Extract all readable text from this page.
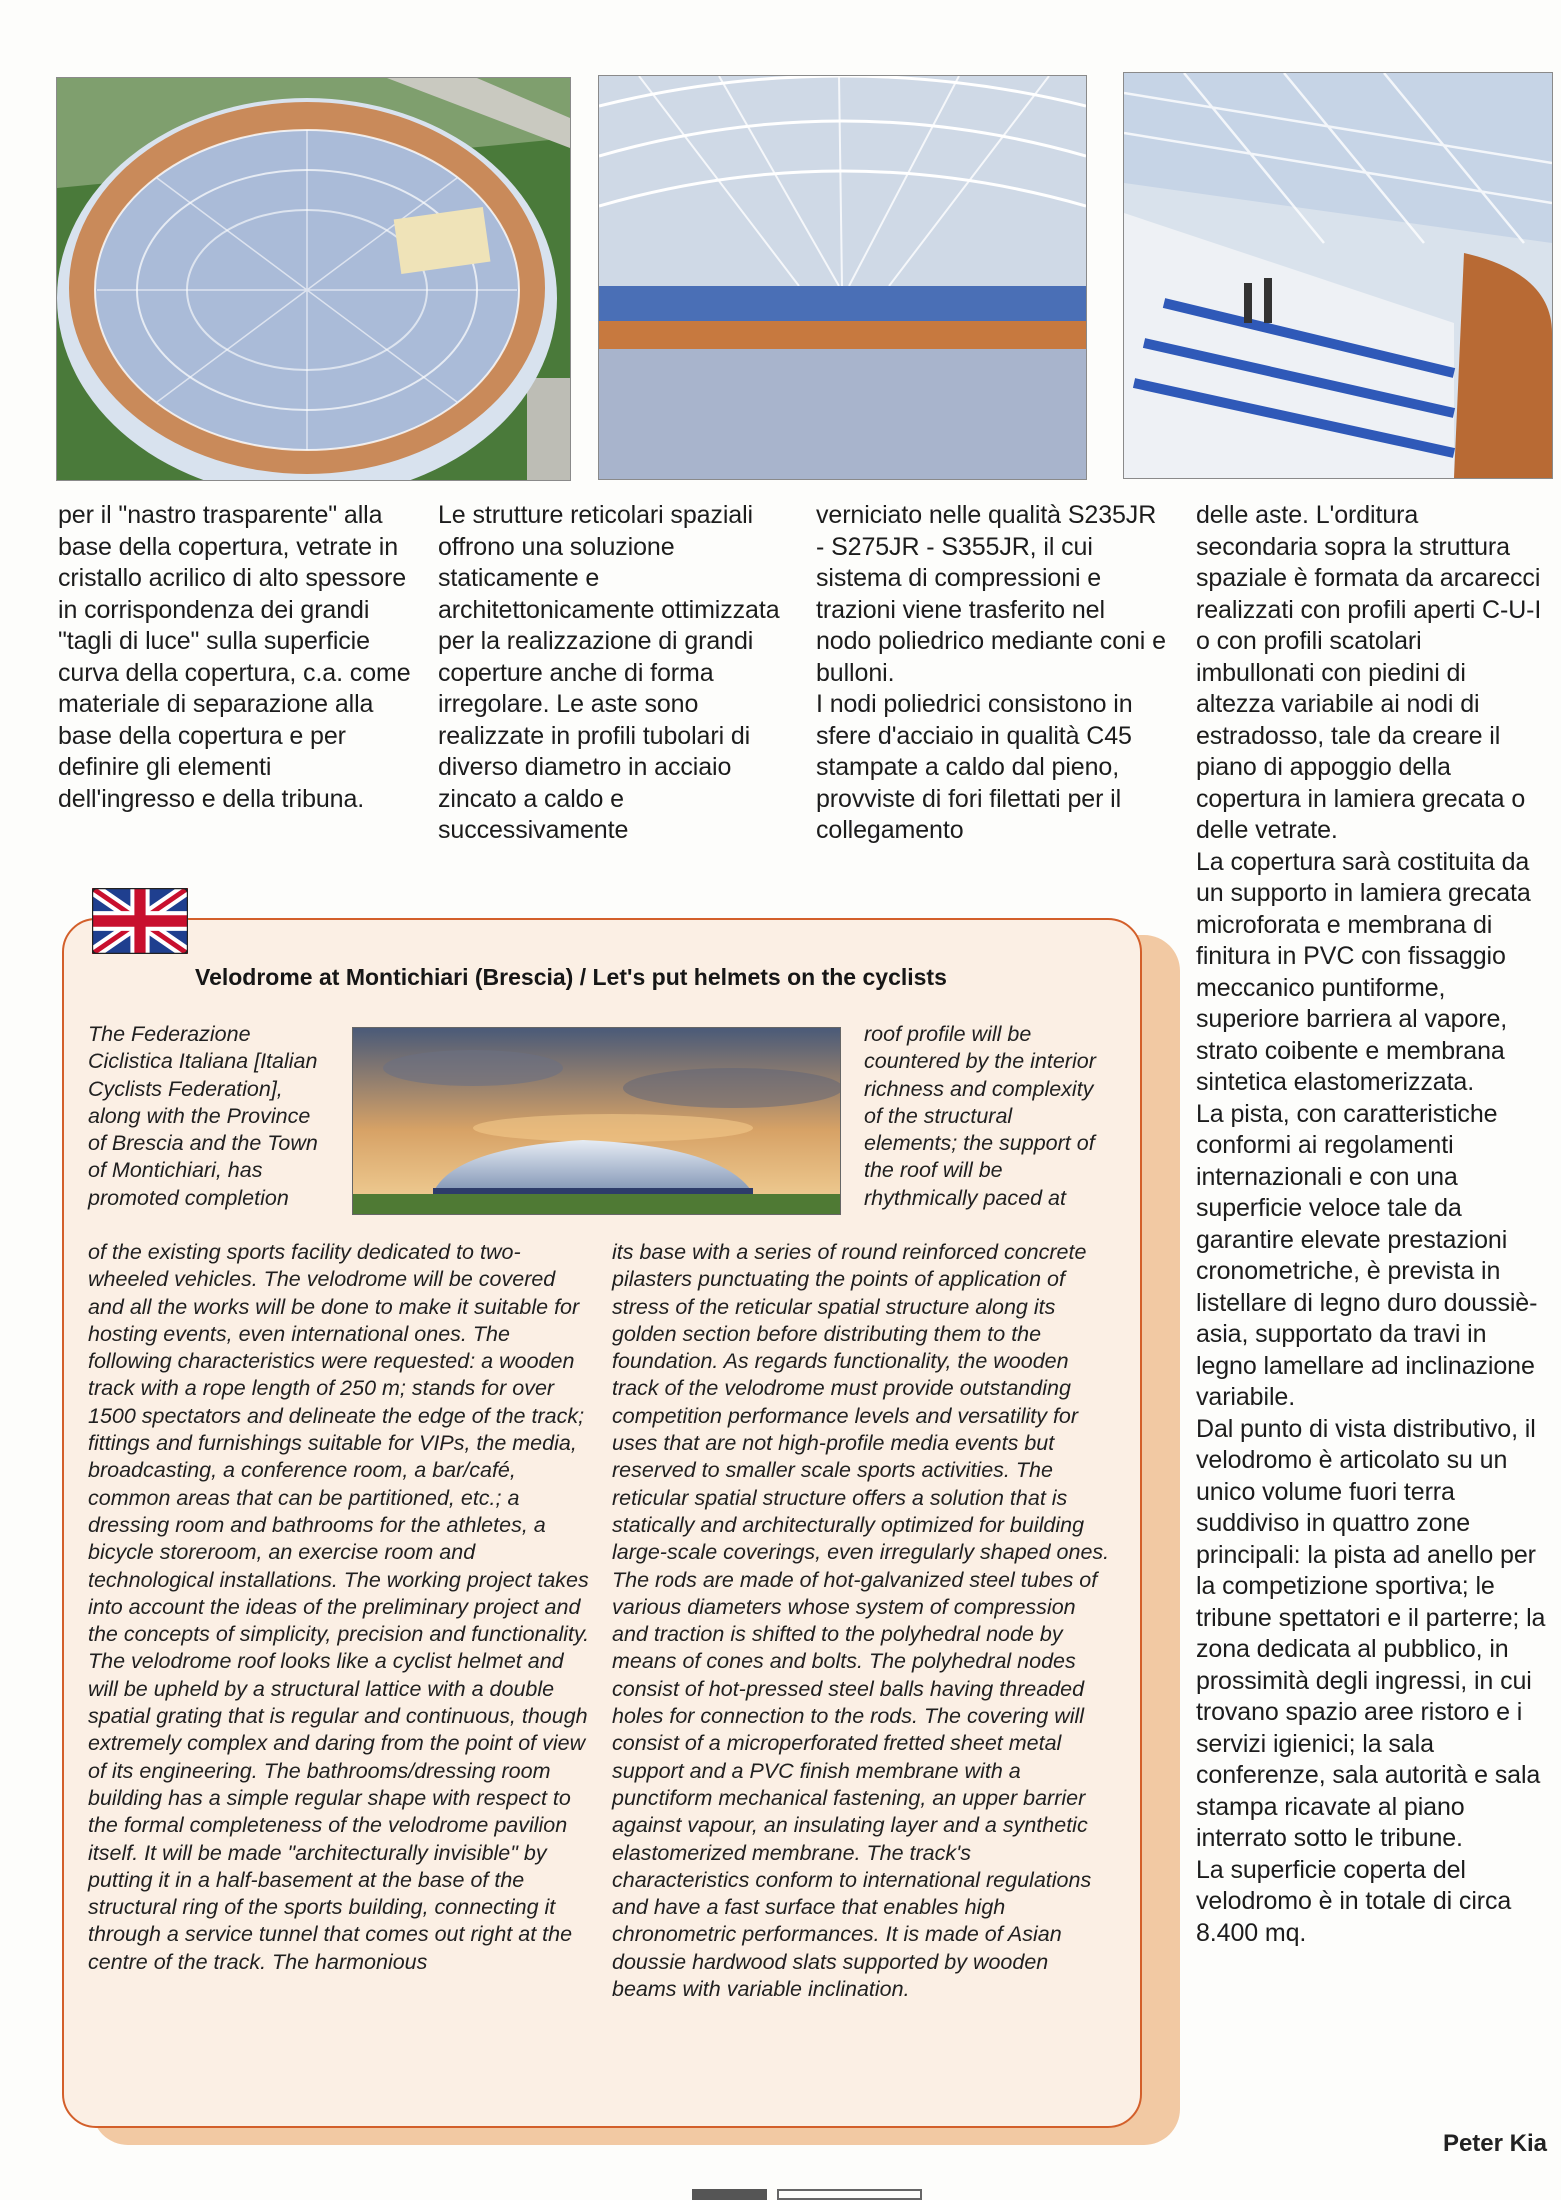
per il "nastro trasparente" alla base della copertura, vetrate in cristallo acrilico di alto spessore in corrispondenza dei grandi "tagli di luce" sulla superficie curva della copertura, c.a. come materiale di separazione alla base della copertura e per definire gli elementi dell'ingresso e della tribuna.

Le strutture reticolari spaziali offrono una soluzione staticamente e architettonicamente ottimizzata per la realizzazione di grandi coperture anche di forma irregolare. Le aste sono realizzate in profili tubolari di diverso diametro in acciaio zincato a caldo e successivamente

verniciato nelle qualità S235JR - S275JR - S355JR, il cui sistema di compressioni e trazioni viene trasferito nel nodo poliedrico mediante coni e bulloni.

I nodi poliedrici consistono in sfere d'acciaio in qualità C45 stampate a caldo dal pieno, provviste di fori filettati per il collegamento

delle aste. L'orditura secondaria sopra la struttura spaziale è formata da arcarecci realizzati con profili aperti C-U-I o con profili scatolari imbullonati con piedini di altezza variabile ai nodi di estradosso, tale da creare il piano di appoggio della copertura in lamiera grecata o delle vetrate.

La copertura sarà costituita da un supporto in lamiera grecata microforata e membrana di finitura in PVC con fissaggio meccanico puntiforme, superiore barriera al vapore, strato coibente e membrana sintetica elastomerizzata.

La pista, con caratteristiche conformi ai regolamenti internazionali e con una superficie veloce tale da garantire elevate prestazioni cronometriche, è prevista in listellare di legno duro doussiè-asia, supportato da travi in legno lamellare ad inclinazione variabile.

Dal punto di vista distributivo, il velodromo è articolato su un unico volume fuori terra suddiviso in quattro zone principali: la pista ad anello per la competizione sportiva; le tribune spettatori e il parterre; la zona dedicata al pubblico, in prossimità degli ingressi, in cui trovano spazio aree ristoro e i servizi igienici; la sala conferenze, sala autorità e sala stampa ricavate al piano interrato sotto le tribune.

La superficie coperta del velodromo è in totale di circa 8.400 mq.

Velodrome at Montichiari (Brescia) / Let's put helmets on the cyclists

The Federazione Ciclistica Italiana [Italian Cyclists Federation], along with the Province of Brescia and the Town of Montichiari, has promoted completion

of the existing sports facility dedicated to two-wheeled vehicles. The velodrome will be covered and all the works will be done to make it suitable for hosting events, even international ones. The following characteristics were requested: a wooden track with a rope length of 250 m; stands for over 1500 spectators and delineate the edge of the track; fittings and furnishings suitable for VIPs, the media, broadcasting, a conference room, a bar/café, common areas that can be partitioned, etc.; a dressing room and bathrooms for the athletes, a bicycle storeroom, an exercise room and technological installations. The working project takes into account the ideas of the preliminary project and the concepts of simplicity, precision and functionality. The velodrome roof looks like a cyclist helmet and will be upheld by a structural lattice with a double spatial grating that is regular and continuous, though extremely complex and daring from the point of view of its engineering. The bathrooms/dressing room building has a simple regular shape with respect to the formal completeness of the velodrome pavilion itself. It will be made "architecturally invisible" by putting it in a half-basement at the base of the structural ring of the sports building, connecting it through a service tunnel that comes out right at the centre of the track. The harmonious

roof profile will be countered by the interior richness and complexity of the structural elements; the support of the roof will be rhythmically paced at

its base with a series of round reinforced concrete pilasters punctuating the points of application of stress of the reticular spatial structure along its golden section before distributing them to the foundation. As regards functionality, the wooden track of the velodrome must provide outstanding competition performance levels and versatility for uses that are not high-profile media events but reserved to smaller scale sports activities. The reticular spatial structure offers a solution that is statically and architecturally optimized for building large-scale coverings, even irregularly shaped ones. The rods are made of hot-galvanized steel tubes of various diameters whose system of compression and traction is shifted to the polyhedral node by means of cones and bolts. The polyhedral nodes consist of hot-pressed steel balls having threaded holes for connection to the rods. The covering will consist of a microperforated fretted sheet metal support and a PVC finish membrane with a punctiform mechanical fastening, an upper barrier against vapour, an insulating layer and a synthetic elastomerized membrane. The track's characteristics conform to international regulations and have a fast surface that enables high chronometric performances. It is made of Asian doussie hardwood slats supported by wooden beams with variable inclination.

Peter Kia
